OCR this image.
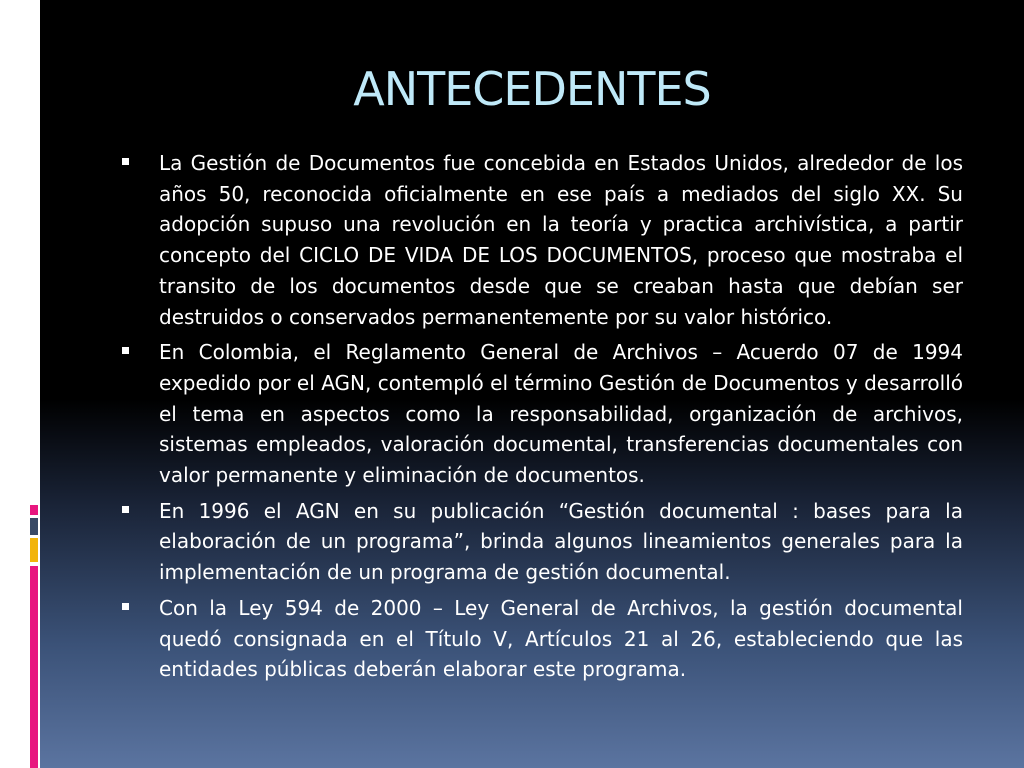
ANTECEDENTES
La Gestión de Documentos fue concebida en Estados Unidos, alrededor de los años 50, reconocida oficialmente en ese país a mediados del siglo XX. Su adopción supuso una revolución en la teoría y practica archivística, a partir concepto del CICLO DE VIDA DE LOS DOCUMENTOS, proceso que mostraba el transito de los documentos desde que se creaban hasta que debían ser destruidos o conservados permanentemente por su valor histórico.
En Colombia, el Reglamento General de Archivos – Acuerdo 07 de 1994 expedido por el AGN, contempló el término Gestión de Documentos y desarrolló el tema en aspectos como la responsabilidad, organización de archivos, sistemas empleados, valoración documental, transferencias documentales con valor permanente y eliminación de documentos.
En 1996 el AGN en su publicación “Gestión documental : bases para la elaboración de un programa”, brinda algunos lineamientos generales para la implementación de un programa de gestión documental.
Con la Ley 594 de 2000 – Ley General de Archivos, la gestión documental quedó consignada en el Título V, Artículos 21 al 26, estableciendo que las entidades públicas deberán elaborar este programa.
